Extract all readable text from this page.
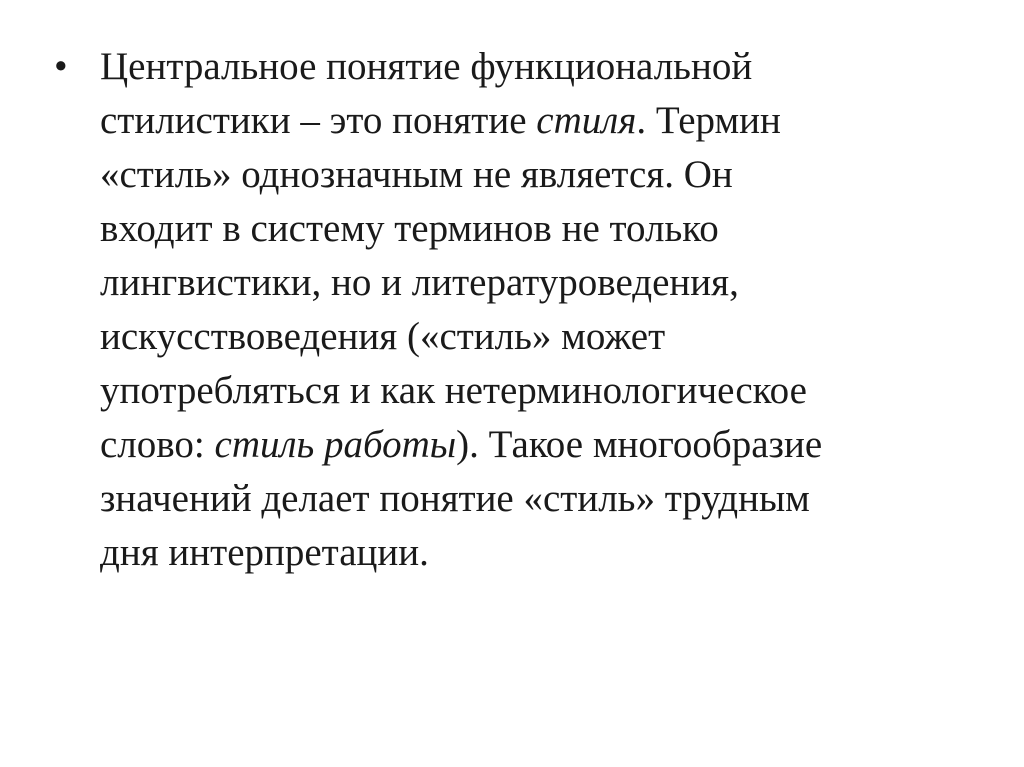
• Центральное понятие функциональной
стилистики – это понятие стиля. Термин
«стиль» однозначным не является. Он
входит в систему терминов не только
лингвистики, но и литературоведения,
искусствоведения («стиль» может
употребляться и как нетерминологическое
слово: стиль работы). Такое многообразие
значений делает понятие «стиль» трудным
дня интерпретации.
